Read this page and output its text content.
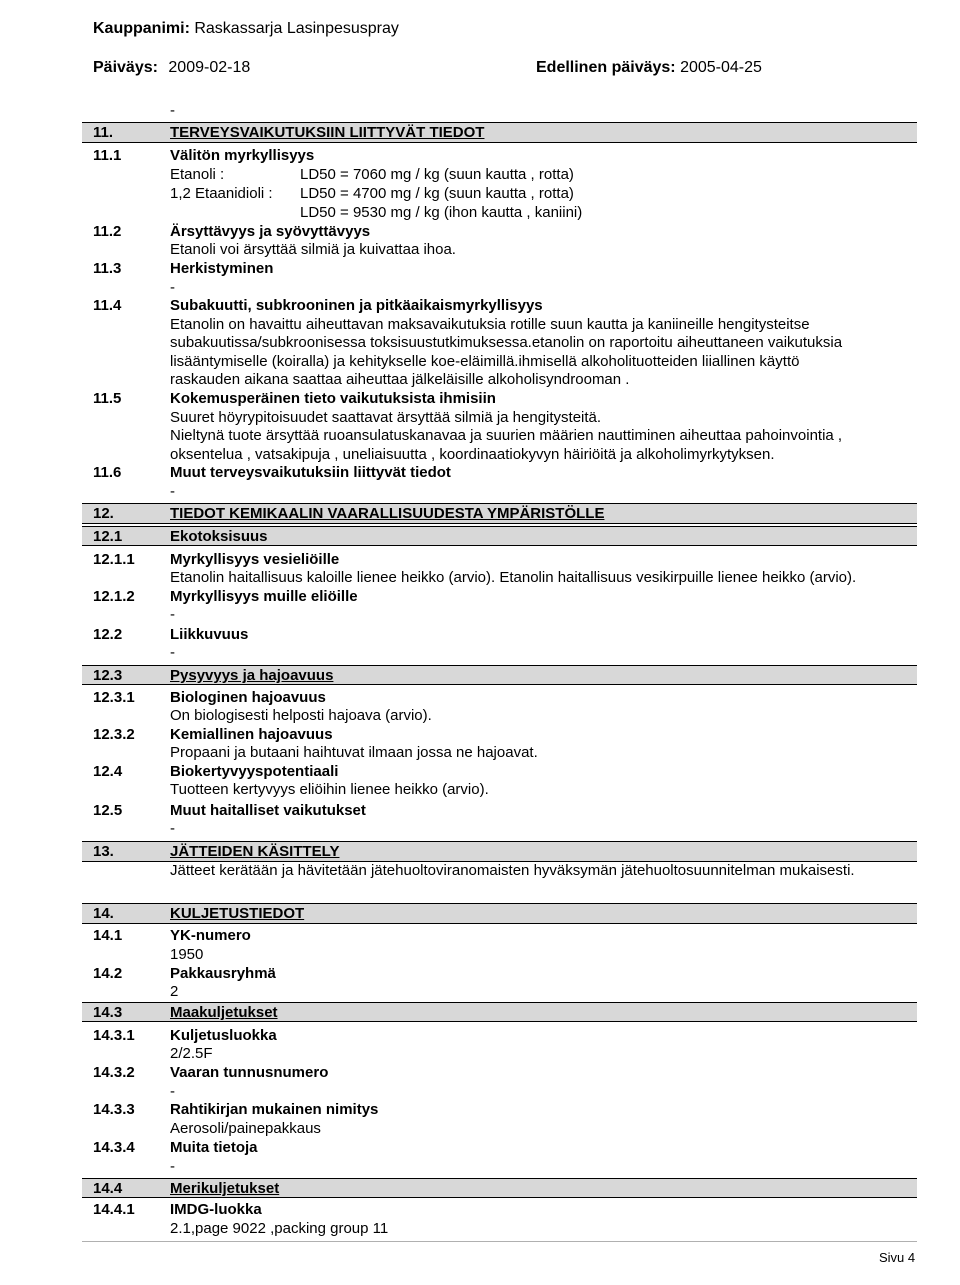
Kauppanimi: Raskassarja Lasinpesuspray
Päiväys: 2009-02-18	Edellinen päiväys: 2005-04-25
-
11.	TERVEYSVAIKUTUKSIIN LIITTYVÄT TIEDOT
11.1	Välitön myrkyllisyys
Etanoli :	LD50 = 7060 mg / kg (suun kautta , rotta)
1,2 Etaanidioli : LD50 = 4700 mg / kg (suun kautta , rotta)
LD50 = 9530 mg / kg (ihon kautta , kaniini)
11.2	Ärsyttävyys ja syövyttävyys
Etanoli voi ärsyttää silmiä ja kuivattaa ihoa.
11.3	Herkistyminen
-
11.4	Subakuutti, subkrooninen ja pitkäaikaismyrkyllisyys
Etanolin on havaittu aiheuttavan maksavaikutuksia rotille suun kautta ja kaniineille hengitysteitse
subakuutissa/subkroonisessa toksisuustutkimuksessa.etanolin on raportoitu aiheuttaneen vaikutuksia
lisääntymiselle (koiralla) ja kehitykselle koe-eläimillä.ihmisellä alkoholituotteiden liiallinen käyttö
raskauden aikana saattaa aiheuttaa jälkeläisille alkoholisyndrooman .
11.5	Kokemusperäinen tieto vaikutuksista ihmisiin
Suuret höyrypitoisuudet saattavat ärsyttää silmiä ja hengitysteitä.
Nieltynä tuote ärsyttää ruoansulatuskanavaa ja suurien määrien nauttiminen aiheuttaa pahoinvointia ,
oksentelua , vatsakipuja , uneliaisuutta , koordinaatiokyvyn häiriöitä ja alkoholimyrkytyksen.
11.6	Muut terveysvaikutuksiin liittyvät tiedot
-
12.	TIEDOT KEMIKAALIN VAARALLISUUDESTA YMPÄRISTÖLLE
12.1	Ekotoksisuus
12.1.1 Myrkyllisyys vesieliöille
Etanolin haitallisuus kaloille lienee heikko (arvio). Etanolin haitallisuus vesikirpuille lienee heikko (arvio).
12.1.2 Myrkyllisyys muille eliöille
-
12.2	Liikkuvuus
-
12.3	Pysyvyys ja hajoavuus
12.3.1 Biologinen hajoavuus
On biologisesti helposti hajoava (arvio).
12.3.2 Kemiallinen hajoavuus
Propaani ja butaani haihtuvat ilmaan jossa ne hajoavat.
12.4	Biokertyvyyspotentiaali
Tuotteen kertyvyys eliöihin lienee heikko (arvio).
12.5	Muut haitalliset vaikutukset
-
13.	JÄTTEIDEN KÄSITTELY
Jätteet kerätään ja hävitetään jätehuoltoviranomaisten hyväksymän jätehuoltosuunnitelman mukaisesti.
14.	KULJETUSTIEDOT
14.1	YK-numero
1950
14.2	Pakkausryhmä
2
14.3	Maakuljetukset
14.3.1 Kuljetusluokka
2/2.5F
14.3.2 Vaaran tunnusnumero
-
14.3.3 Rahtikirjan mukainen nimitys
Aerosoli/painepakkaus
14.3.4 Muita tietoja
-
14.4	Merikuljetukset
14.4.1 IMDG-luokka
2.1,page 9022 ,packing group 11
Sivu 4
